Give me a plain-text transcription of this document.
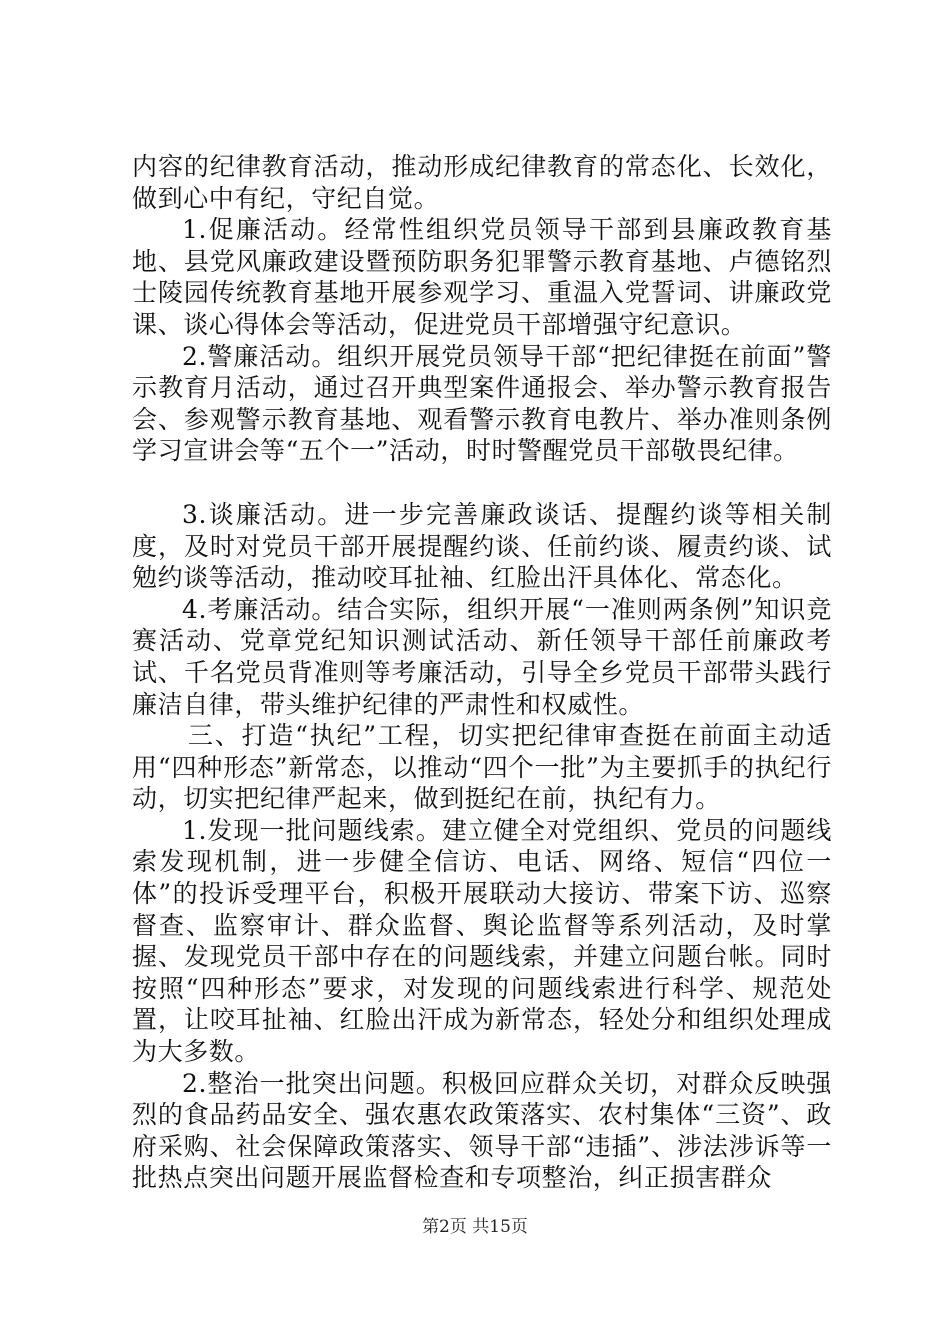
内容的纪律教育活动，推动形成纪律教育的常态化、长效化，做到心中有纪，守纪自觉。

1.促廉活动。经常性组织党员领导干部到县廉政教育基地、县党风廉政建设暨预防职务犯罪警示教育基地、卢德铭烈士陵园传统教育基地开展参观学习、重温入党誓词、讲廉政党课、谈心得体会等活动，促进党员干部增强守纪意识。

2.警廉活动。组织开展党员领导干部“把纪律挺在前面”警示教育月活动，通过召开典型案件通报会、举办警示教育报告会、参观警示教育基地、观看警示教育电教片、举办准则条例学习宣讲会等“五个一”活动，时时警醒党员干部敬畏纪律。

3.谈廉活动。进一步完善廉政谈话、提醒约谈等相关制度，及时对党员干部开展提醒约谈、任前约谈、履责约谈、试勉约谈等活动，推动咬耳扯袖、红脸出汗具体化、常态化。

4.考廉活动。结合实际，组织开展“一准则两条例”知识竞赛活动、党章党纪知识测试活动、新任领导干部任前廉政考试、千名党员背准则等考廉活动，引导全乡党员干部带头践行廉洁自律，带头维护纪律的严肃性和权威性。

三、打造“执纪”工程，切实把纪律审查挺在前面主动适用“四种形态”新常态，以推动“四个一批”为主要抓手的执纪行动，切实把纪律严起来，做到挺纪在前，执纪有力。

1.发现一批问题线索。建立健全对党组织、党员的问题线索发现机制，进一步健全信访、电话、网络、短信“四位一体”的投诉受理平台，积极开展联动大接访、带案下访、巡察督查、监察审计、群众监督、舆论监督等系列活动，及时掌握、发现党员干部中存在的问题线索，并建立问题台帐。同时按照“四种形态”要求，对发现的问题线索进行科学、规范处置，让咬耳扯袖、红脸出汗成为新常态，轻处分和组织处理成为大多数。

2.整治一批突出问题。积极回应群众关切，对群众反映强烈的食品药品安全、强农惠农政策落实、农村集体“三资”、政府采购、社会保障政策落实、领导干部“违插”、涉法涉诉等一批热点突出问题开展监督检查和专项整治，纠正损害群众

第2页 共15页
